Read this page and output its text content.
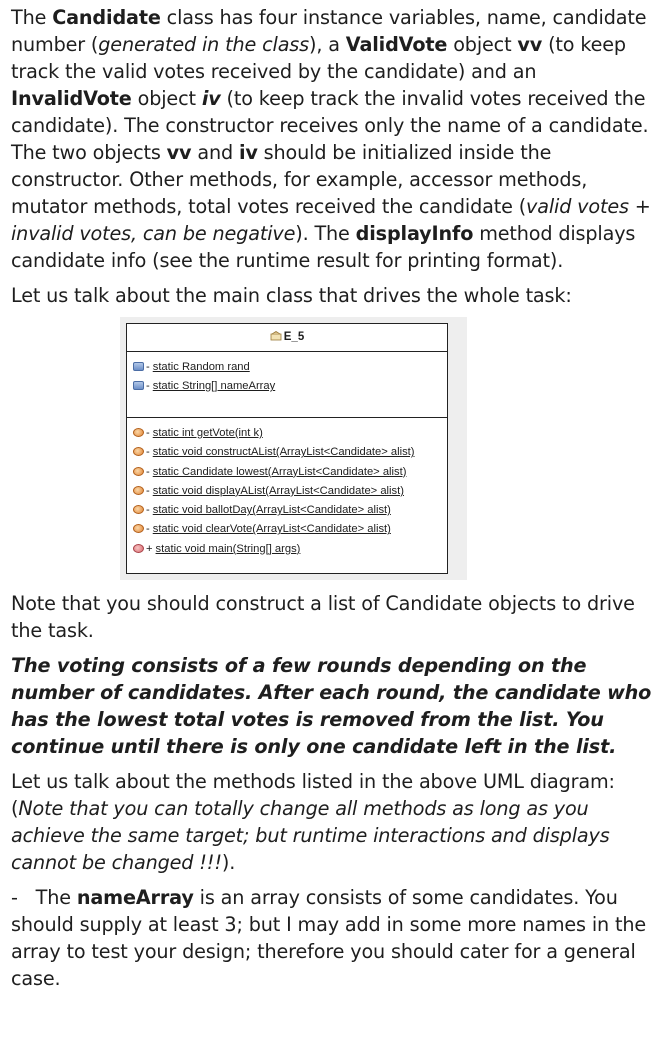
The Candidate class has four instance variables, name, candidate number (generated in the class), a ValidVote object vv (to keep track the valid votes received by the candidate) and an InvalidVote object iv (to keep track the invalid votes received the candidate). The constructor receives only the name of a candidate. The two objects vv and iv should be initialized inside the constructor. Other methods, for example, accessor methods, mutator methods, total votes received the candidate (valid votes + invalid votes, can be negative). The displayInfo method displays candidate info (see the runtime result for printing format).

Let us talk about the main class that drives the whole task:

E_5
- static Random rand
- static String[] nameArray
- static int getVote(int k)
- static void constructAList(ArrayList<Candidate> alist)
- static Candidate lowest(ArrayList<Candidate> alist)
- static void displayAList(ArrayList<Candidate> alist)
- static void ballotDay(ArrayList<Candidate> alist)
- static void clearVote(ArrayList<Candidate> alist)
+ static void main(String[] args)

Note that you should construct a list of Candidate objects to drive the task.

The voting consists of a few rounds depending on the number of candidates. After each round, the candidate who has the lowest total votes is removed from the list. You continue until there is only one candidate left in the list.

Let us talk about the methods listed in the above UML diagram: (Note that you can totally change all methods as long as you achieve the same target; but runtime interactions and displays cannot be changed !!!).

-   The nameArray is an array consists of some candidates. You should supply at least 3; but I may add in some more names in the array to test your design; therefore you should cater for a general case.
